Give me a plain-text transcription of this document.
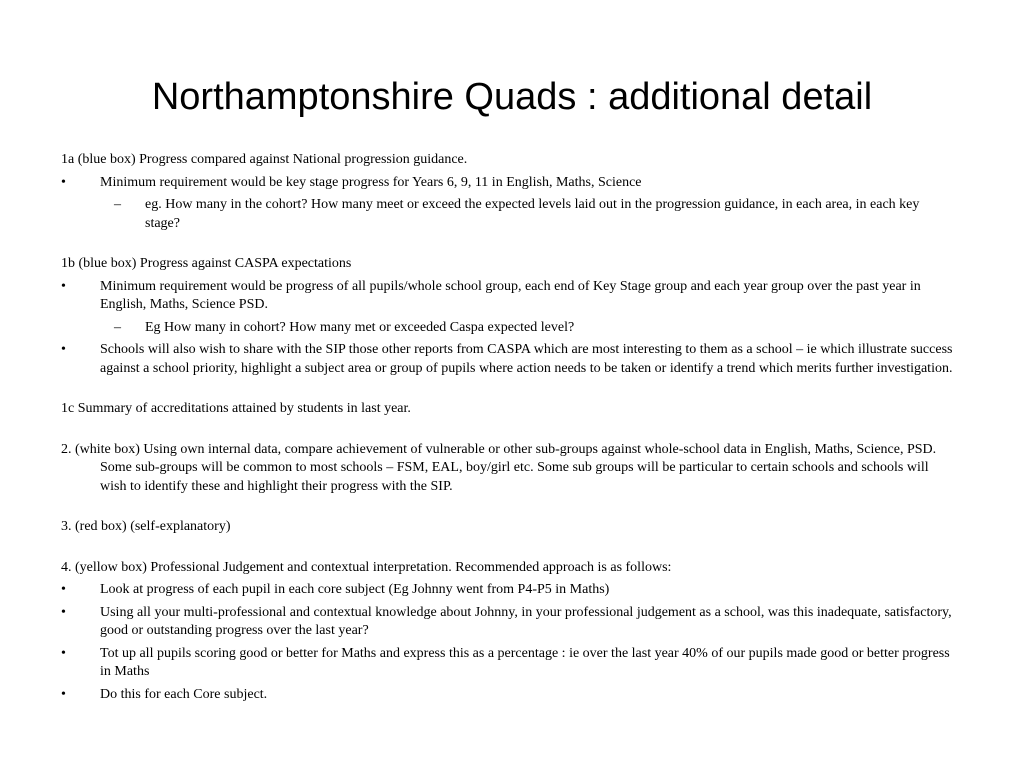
Northamptonshire Quads : additional detail

1a (blue box) Progress compared against National progression guidance.

• Minimum requirement would be key stage progress for Years 6, 9, 11 in English, Maths, Science
– eg. How many in the cohort? How many meet or exceed the expected levels laid out in the progression guidance, in each area, in each key stage?

1b (blue box) Progress against CASPA expectations

• Minimum requirement would be progress of all pupils/whole school group, each end of Key Stage group and each year group over the past year in English, Maths, Science PSD.
– Eg How many in cohort? How many met or exceeded Caspa expected level?
• Schools will also wish to share with the SIP those other reports from CASPA which are most interesting to them as a school – ie which illustrate success against a school priority, highlight a subject area or group of pupils where action needs to be taken or identify a trend which merits further investigation.

1c Summary of accreditations attained by students in last year.

2. (white box) Using own internal data, compare achievement of vulnerable or other sub-groups against whole-school data in English, Maths, Science, PSD. Some sub-groups will be common to most schools – FSM, EAL, boy/girl etc. Some sub groups will be particular to certain schools and schools will wish to identify these and highlight their progress with the SIP.

3. (red box) (self-explanatory)

4. (yellow box) Professional Judgement and contextual interpretation. Recommended approach is as follows:

• Look at progress of each pupil in each core subject (Eg Johnny went from P4-P5 in Maths)
• Using all your multi-professional and contextual knowledge about Johnny, in your professional judgement as a school, was this inadequate, satisfactory, good or outstanding progress over the last year?
• Tot up all pupils scoring good or better for Maths and express this as a percentage : ie over the last year 40% of our pupils made good or better progress in Maths
• Do this for each Core subject.
